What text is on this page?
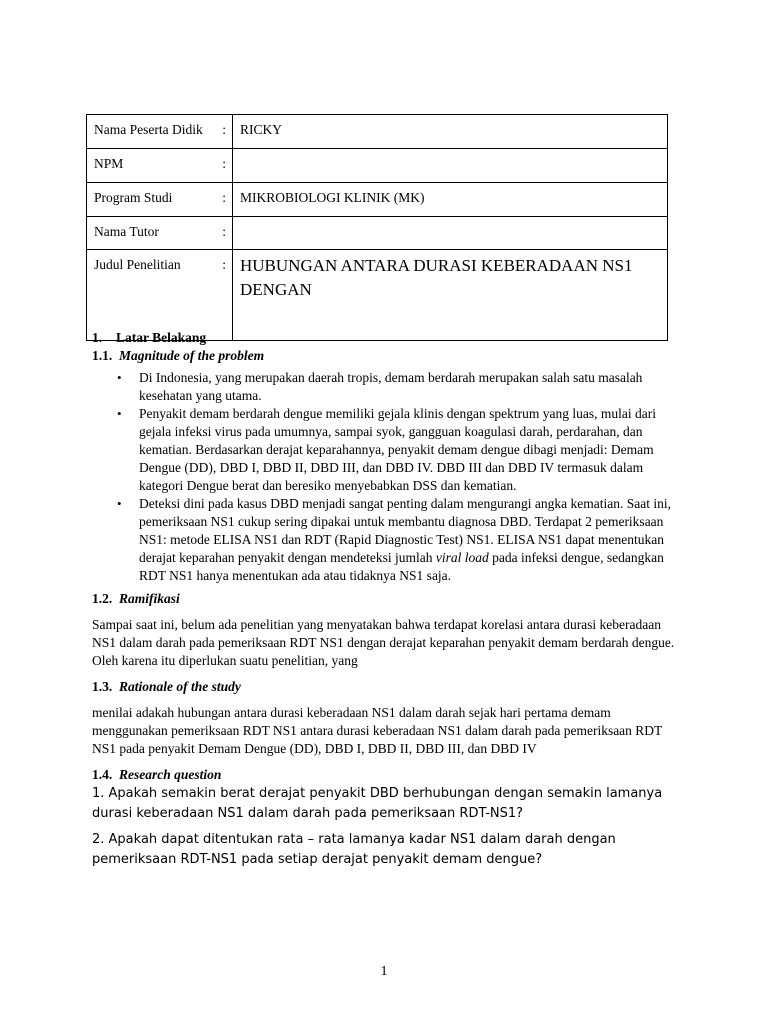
Nama Peserta Didik :	RICKY
NPM :	

Program Studi :	MIKROBIOLOGI KLINIK (MK)
Nama Tutor :	

Judul Penelitian :	HUBUNGAN ANTARA DURASI KEBERADAAN NS1 DENGAN

1. Latar Belakang

1.1. Magnitude of the problem

• Di Indonesia, yang merupakan daerah tropis, demam berdarah merupakan salah satu masalah kesehatan yang utama.
• Penyakit demam berdarah dengue memiliki gejala klinis dengan spektrum yang luas, mulai dari gejala infeksi virus pada umumnya, sampai syok, gangguan koagulasi darah, perdarahan, dan kematian. Berdasarkan derajat keparahannya, penyakit demam dengue dibagi menjadi: Demam Dengue (DD), DBD I, DBD II, DBD III, dan DBD IV. DBD III dan DBD IV termasuk dalam kategori Dengue berat dan beresiko menyebabkan DSS dan kematian.
• Deteksi dini pada kasus DBD menjadi sangat penting dalam mengurangi angka kematian. Saat ini, pemeriksaan NS1 cukup sering dipakai untuk membantu diagnosa DBD. Terdapat 2 pemeriksaan NS1: metode ELISA NS1 dan RDT (Rapid Diagnostic Test) NS1. ELISA NS1 dapat menentukan derajat keparahan penyakit dengan mendeteksi jumlah viral load pada infeksi dengue, sedangkan RDT NS1 hanya menentukan ada atau tidaknya NS1 saja.

1.2. Ramifikasi

Sampai saat ini, belum ada penelitian yang menyatakan bahwa terdapat korelasi antara durasi keberadaan NS1 dalam darah pada pemeriksaan RDT NS1 dengan derajat keparahan penyakit demam berdarah dengue. Oleh karena itu diperlukan suatu penelitian, yang

1.3. Rationale of the study

menilai adakah hubungan antara durasi keberadaan NS1 dalam darah sejak hari pertama demam menggunakan pemeriksaan RDT NS1 antara durasi keberadaan NS1 dalam darah pada pemeriksaan RDT NS1 pada penyakit Demam Dengue (DD), DBD I, DBD II, DBD III, dan DBD IV

1.4. Research question

1. Apakah semakin berat derajat penyakit DBD berhubungan dengan semakin lamanya durasi keberadaan NS1 dalam darah pada pemeriksaan RDT-NS1?

2. Apakah dapat ditentukan rata – rata lamanya kadar NS1 dalam darah dengan pemeriksaan RDT-NS1 pada setiap derajat penyakit demam dengue?

1
